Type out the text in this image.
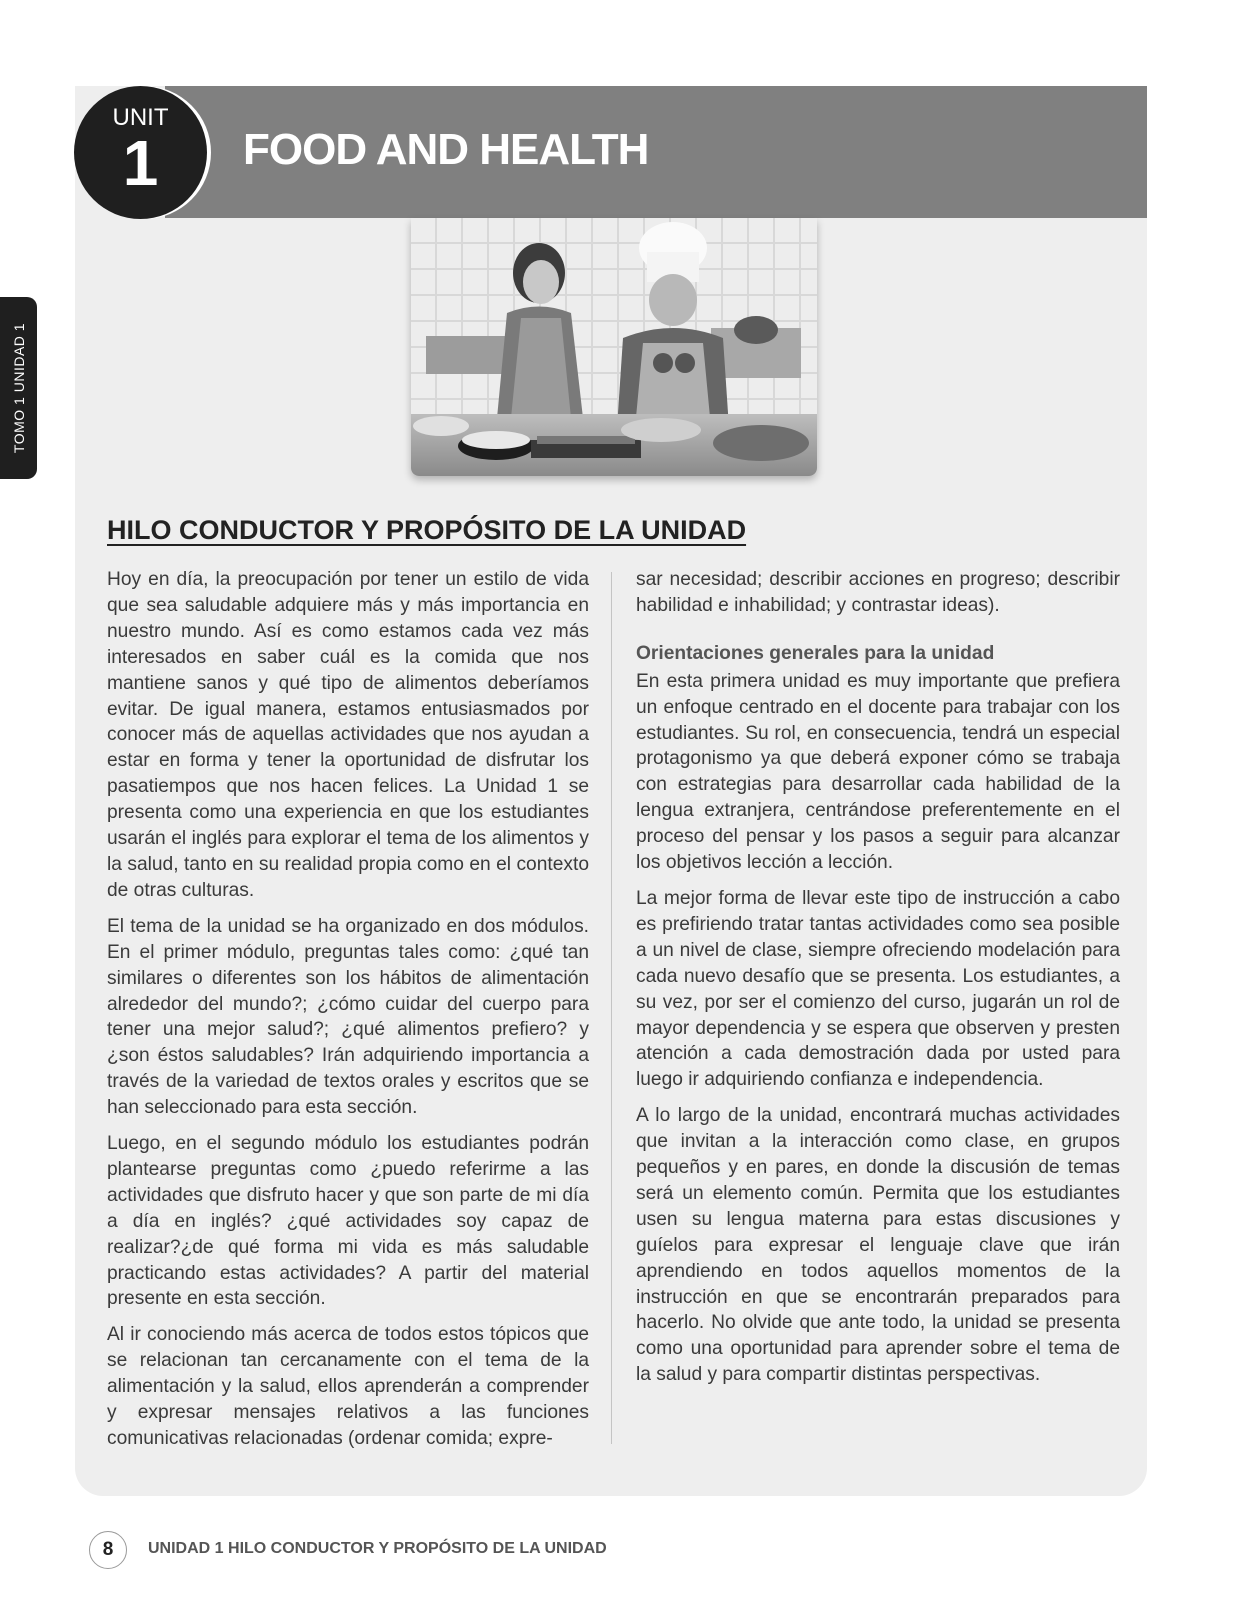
TOMO 1 UNIDAD 1
FOOD AND HEALTH
UNIT
1
HILO CONDUCTOR Y PROPÓSITO DE LA UNIDAD

Hoy en día, la preocupación por tener un estilo de vida que sea saludable adquiere más y más importancia en nuestro mundo. Así es como estamos cada vez más interesados en saber cuál es la comida que nos mantiene sanos y qué tipo de alimentos deberíamos evitar. De igual manera, estamos entusiasmados por conocer más de aquellas actividades que nos ayudan a estar en forma y tener la oportunidad de disfrutar los pasatiempos que nos hacen felices. La Unidad 1 se presenta como una experiencia en que los estudiantes usarán el inglés para explorar el tema de los alimentos y la salud, tanto en su realidad propia como en el contexto de otras culturas.

El tema de la unidad se ha organizado en dos módulos. En el primer módulo, preguntas tales como: ¿qué tan similares o diferentes son los hábitos de alimentación alrededor del mundo?; ¿cómo cuidar del cuerpo para tener una mejor salud?; ¿qué alimentos prefiero? y ¿son éstos saludables? Irán adquiriendo importancia a través de la variedad de textos orales y escritos que se han seleccionado para esta sección.

Luego, en el segundo módulo los estudiantes podrán plantearse preguntas como ¿puedo referirme a las actividades que disfruto hacer y que son parte de mi día a día en inglés? ¿qué actividades soy capaz de realizar?¿de qué forma mi vida es más saludable practicando estas actividades? A partir del material presente en esta sección.

Al ir conociendo más acerca de todos estos tópicos que se relacionan tan cercanamente con el tema de la alimentación y la salud, ellos aprenderán a comprender y expresar mensajes relativos a las funciones comunicativas relacionadas (ordenar comida; expre-

sar necesidad; describir acciones en progreso; describir habilidad e inhabilidad; y contrastar ideas).

Orientaciones generales para la unidad

En esta primera unidad es muy importante que prefiera un enfoque centrado en el docente para trabajar con los estudiantes. Su rol, en consecuencia, tendrá un especial protagonismo ya que deberá exponer cómo se trabaja con estrategias para desarrollar cada habilidad de la lengua extranjera, centrándose preferentemente en el proceso del pensar y los pasos a seguir para alcanzar los objetivos lección a lección.

La mejor forma de llevar este tipo de instrucción a cabo es prefiriendo tratar tantas actividades como sea posible a un nivel de clase, siempre ofreciendo modelación para cada nuevo desafío que se presenta. Los estudiantes, a su vez, por ser el comienzo del curso, jugarán un rol de mayor dependencia y se espera que observen y presten atención a cada demostración dada por usted para luego ir adquiriendo confianza e independencia.

A lo largo de la unidad, encontrará muchas actividades que invitan a la interacción como clase, en grupos pequeños y en pares, en donde la discusión de temas será un elemento común. Permita que los estudiantes usen su lengua materna para estas discusiones y guíelos para expresar el lenguaje clave que irán aprendiendo en todos aquellos momentos de la instrucción en que se encontrarán preparados para hacerlo. No olvide que ante todo, la unidad se presenta como una oportunidad para aprender sobre el tema de la salud y para compartir distintas perspectivas.

8	UNIDAD 1 HILO CONDUCTOR Y PROPÓSITO DE LA UNIDAD
